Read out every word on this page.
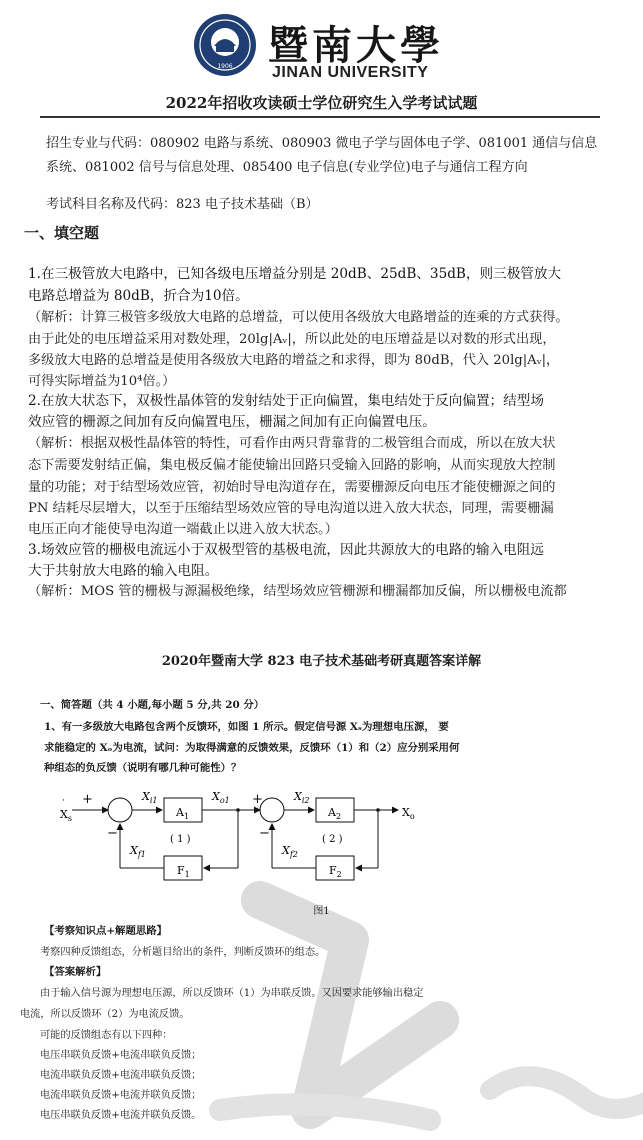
1906 暨南大學
JINAN UNIVERSITY
2022年招收攻读硕士学位研究生入学考试试题
招生专业与代码：080902 电路与系统、080903 微电子学与固体电子学、081001 通信与信息
系统、081002 信号与信息处理、085400 电子信息(专业学位)电子与通信工程方向
考试科目名称及代码：823 电子技术基础（B）
一、填空题
1.在三极管放大电路中，已知各级电压增益分别是 20dB、25dB、35dB，则三极管放大
电路总增益为 80dB，折合为10倍。
（解析：计算三极管多级放大电路的总增益，可以使用各级放大电路增益的连乘的方式获得。
由于此处的电压增益采用对数处理，20lg|Aᵥ|，所以此处的电压增益是以对数的形式出现，
多级放大电路的总增益是使用各级放大电路的增益之和求得，即为 80dB，代入 20lg|Aᵥ|，
可得实际增益为10⁴倍。）
2.在放大状态下，双极性晶体管的发射结处于正向偏置，集电结处于反向偏置；结型场
效应管的栅源之间加有反向偏置电压，栅漏之间加有正向偏置电压。
（解析：根据双极性晶体管的特性，可看作由两只背靠背的二极管组合而成，所以在放大状
态下需要发射结正偏，集电极反偏才能使输出回路只受输入回路的影响，从而实现放大控制
量的功能；对于结型场效应管，初始时导电沟道存在，需要栅源反向电压才能使栅源之间的
PN 结耗尽层增大，以至于压缩结型场效应管的导电沟道以进入放大状态，同理，需要栅漏
电压正向才能使导电沟道一端截止以进入放大状态。）
3.场效应管的栅极电流远小于双极型管的基极电流，因此共源放大的电路的输入电阻远
大于共射放大电路的输入电阻。
（解析：MOS 管的栅极与源漏极绝缘，结型场效应管栅源和栅漏都加反偏，所以栅极电流都
2020年暨南大学 823 电子技术基础考研真题答案详解
一、简答题（共 4 小题,每小题 5 分,共 20 分）
1、有一多级放大电路包含两个反馈环，如图 1 所示。假定信号源 Xₛ为理想电压源， 要
求能稳定的 Xₒ为电流，试问：为取得满意的反馈效果，反馈环（1）和（2）应分别采用何
种组态的负反馈（说明有哪几种可能性）？
$X_s$
· +
−
$X_{i1}$
$A_1$
( 1 )
$X_{o1}$
$F_1$
$X_{f1}$
+
−
$X_{i2}$
$A_2$
( 2 )
$X_o$
$F_2$
$X_{f2}$
图1
【考察知识点+解题思路】
考察四种反馈组态，分析题目给出的条件，判断反馈环的组态。
【答案解析】
由于输入信号源为理想电压源，所以反馈环（1）为串联反馈。又因要求能够输出稳定
电流，所以反馈环（2）为电流反馈。
可能的反馈组态有以下四种：
电压串联负反馈+电流串联负反馈；
电流串联负反馈+电流串联负反馈；
电流串联负反馈+电流并联负反馈；
电压串联负反馈+电流并联负反馈。
